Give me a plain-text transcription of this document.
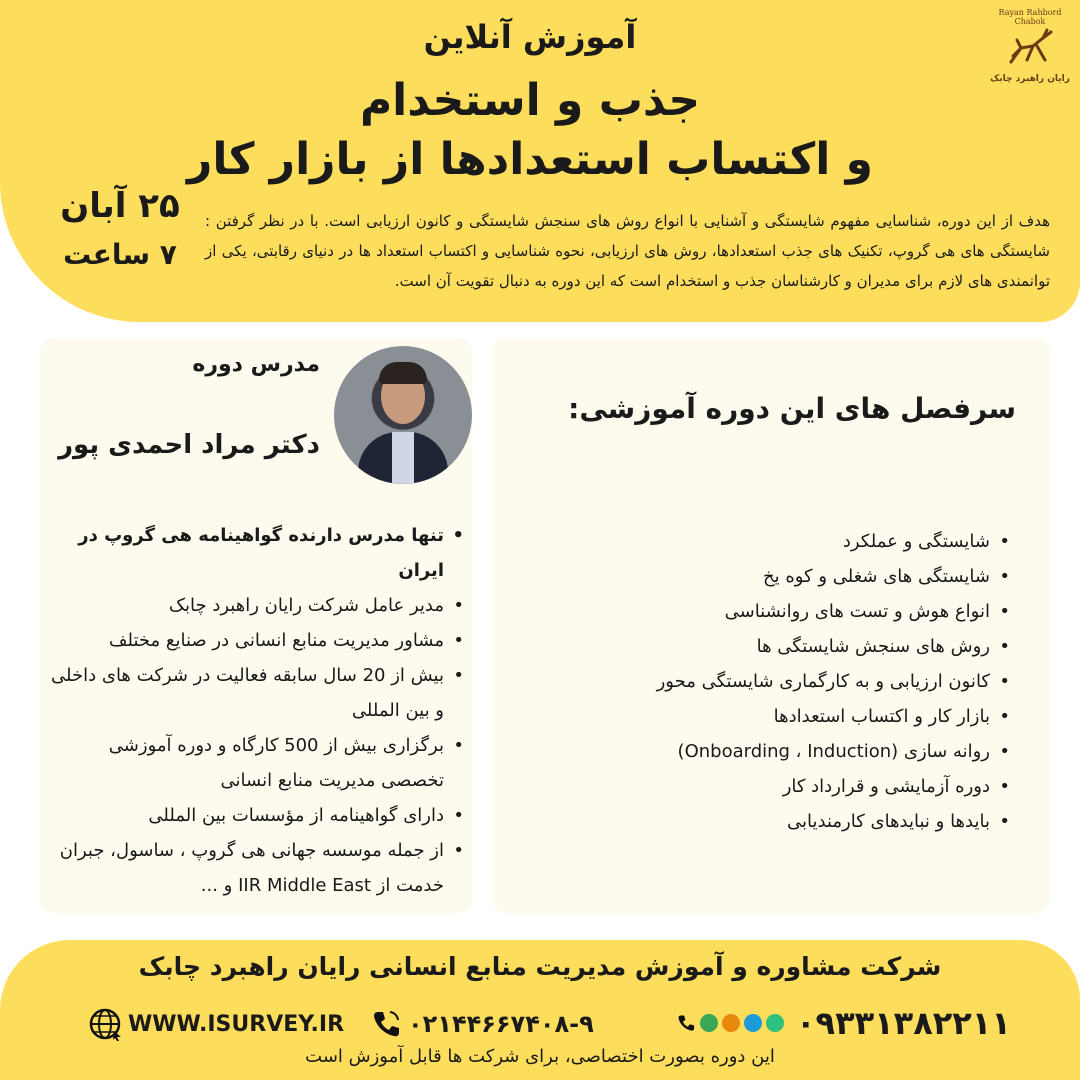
Rayan Rahbord Chabok
رایان راهبرد چابک
آموزش آنلاین
جذب و استخدام
و اکتساب استعدادها از بازار کار
۲۵ آبان
۷ ساعت
هدف از این دوره، شناسایی مفهوم شایستگی و آشنایی با انواع روش های سنجش شایستگی و کانون ارزیابی است. با در نظر گرفتن : شایستگی های هی گروپ، تکنیک های جذب استعدادها، روش های ارزیابی، نحوه شناسایی و اکتساب استعداد ها در دنیای رقابتی، یکی از توانمندی های لازم برای مدیران و کارشناسان جذب و استخدام است که این دوره به دنبال تقویت آن است.
مدرس دوره
دکتر مراد احمدی پور
• تنها مدرس دارنده گواهینامه هی گروپ در ایران
• مدیر عامل شرکت رایان راهبرد چابک
• مشاور مدیریت منابع انسانی در صنایع مختلف
• بیش از 20 سال سابقه فعالیت در شرکت های داخلی و بین المللی
• برگزاری بیش از 500 کارگاه و دوره آموزشی تخصصی مدیریت منابع انسانی
• دارای گواهینامه از مؤسسات بین المللی
• از جمله موسسه جهانی هی گروپ ، ساسول، جبران خدمت از IIR Middle East و ...
سرفصل های این دوره آموزشی:
• شایستگی و عملکرد
• شایستگی های شغلی و کوه یخ
• انواع هوش و تست های روانشناسی
• روش های سنجش شایستگی ها
• کانون ارزیابی و به کارگماری شایستگی محور
• بازار کار و اکتساب استعدادها
• روانه سازی (Onboarding ، Induction)
• دوره آزمایشی و قرارداد کار
• بایدها و نبایدهای کارمندیابی
شرکت مشاوره و آموزش مدیریت منابع انسانی رایان راهبرد چابک
WWW.ISURVEY.IR	۰۲۱۴۴۶۶۷۴۰۸-۹	۰۹۳۳۱۳۸۲۲۱۱
این دوره بصورت اختصاصی، برای شرکت ها قابل آموزش است
